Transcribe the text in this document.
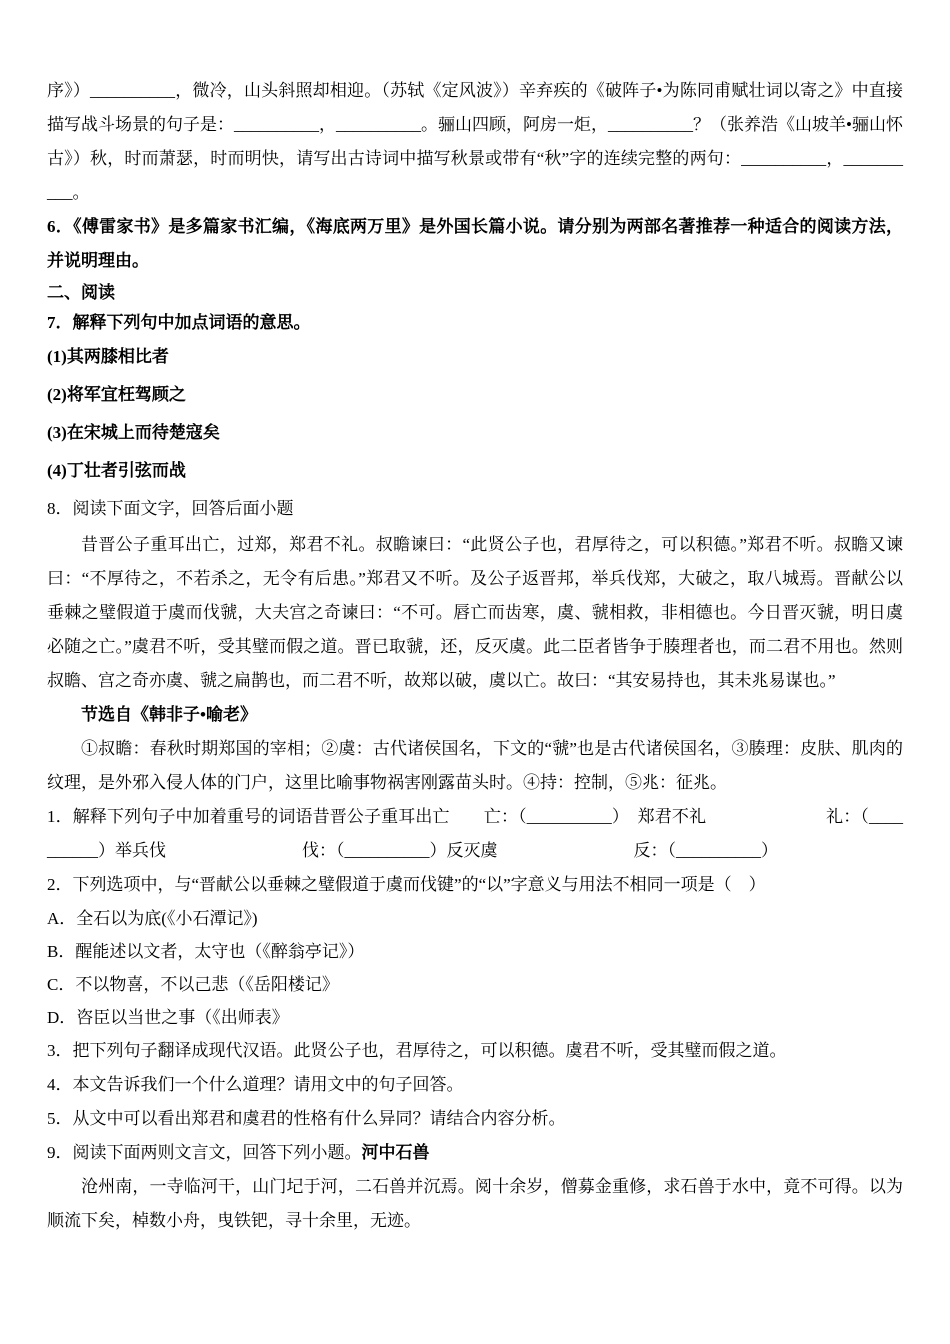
序》）__________，微冷，山头斜照却相迎。（苏轼《定风波》）辛弃疾的《破阵子•为陈同甫赋壮词以寄之》中直接描写战斗场景的句子是：__________，__________。骊山四顾，阿房一炬，__________？（张养浩《山坡羊•骊山怀古》）秋，时而萧瑟，时而明快，请写出古诗词中描写秋景或带有“秋”字的连续完整的两句：__________，__________。

6．《傅雷家书》是多篇家书汇编，《海底两万里》是外国长篇小说。请分别为两部名著推荐一种适合的阅读方法，并说明理由。

二、阅读

7．解释下列句中加点词语的意思。

(1)其两膝相比者

(2)将军宜枉驾顾之

(3)在宋城上而待楚寇矣

(4)丁壮者引弦而战

8．阅读下面文字，回答后面小题

昔晋公子重耳出亡，过郑，郑君不礼。叔瞻谏曰：“此贤公子也，君厚待之，可以积德。”郑君不听。叔瞻又谏曰：“不厚待之，不若杀之，无令有后患。”郑君又不听。及公子返晋邦，举兵伐郑，大破之，取八城焉。晋献公以垂棘之璧假道于虞而伐虢，大夫宫之奇谏曰：“不可。唇亡而齿寒，虞、虢相救，非相德也。今日晋灭虢，明日虞必随之亡。”虞君不听，受其璧而假之道。晋已取虢，还，反灭虞。此二臣者皆争于腠理者也，而二君不用也。然则叔瞻、宫之奇亦虞、虢之扁鹊也，而二君不听，故郑以破，虞以亡。故曰：“其安易持也，其未兆易谋也。”

节选自《韩非子•喻老》

①叔瞻：春秋时期郑国的宰相；②虞：古代诸侯国名，下文的“虢”也是古代诸侯国名，③腠理：皮肤、肌肉的纹理，是外邪入侵人体的门户，这里比喻事物祸害刚露苗头时。④持：控制，⑤兆：征兆。

1．解释下列句子中加着重号的词语昔晋公子重耳出亡　　亡：（__________）　郑君不礼　　　　　　　礼：（__________）举兵伐　　　　　　　　伐：（__________）反灭虞　　　　　　　　反：（__________）

2．下列选项中，与“晋献公以垂棘之璧假道于虞而伐键”的“以”字意义与用法不相同一项是（　）

A．全石以为底(《小石潭记》)

B．醒能述以文者，太守也（《醉翁亭记》）

C．不以物喜，不以己悲（《岳阳楼记》

D．咨臣以当世之事（《出师表》

3．把下列句子翻译成现代汉语。此贤公子也，君厚待之，可以积德。虞君不听，受其璧而假之道。

4．本文告诉我们一个什么道理？请用文中的句子回答。

5．从文中可以看出郑君和虞君的性格有什么异同？请结合内容分析。

9．阅读下面两则文言文，回答下列小题。河中石兽

沧州南，一寺临河干，山门圮于河，二石兽并沉焉。阅十余岁，僧募金重修，求石兽于水中，竟不可得。以为顺流下矣，棹数小舟，曳铁钯，寻十余里，无迹。
